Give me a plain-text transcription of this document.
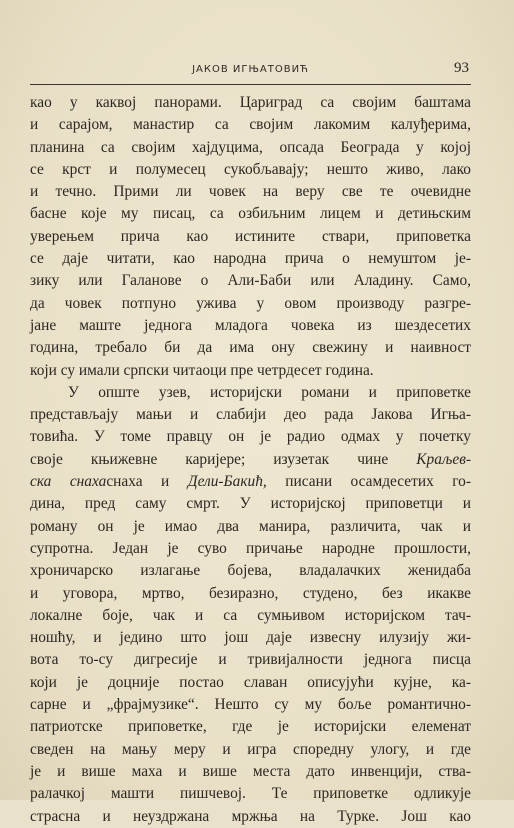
ЈАКОВ ИГЊАТОВИЋ	93
као у каквој панорами. Цариград са својим баштама
и сарајом, манастир са својим лакомим калуђерима,
планина са својим хајдуцима, опсада Београда у којој
се крст и полумесец сукобљавају; нешто живо, лако
и течно. Прими ли човек на веру све те очевидне
басне које му писац, са озбиљним лицем и детињским
уверењем прича као истините ствари, приповетка
се даје читати, као народна прича о немуштом је-
зику или Галанове о Али-Баби или Аладину. Само,
да човек потпуно ужива у овом производу разгре-
јане маште једнога младога човека из шездесетих
година, требало би да има ону свежину и наивност
који су имали српски читаоци пре четрдесет година.
У опште узев, историјски романи и приповетке
представљају мањи и слабији део рада Јакова Игња-
товића. У томе правцу он је радио одмах у почетку
своје књижевне каријере; изузетак чине Краљев-
ска снахаснаха и Дели-Бакић, писани осамдесетих го-
дина, пред саму смрт. У историјској приповетци и
роману он је имао два манира, различита, чак и
супротна. Један је суво причање народне прошлости,
хроничарско излагање бојева, владалачких женидаба
и уговора, мртво, безиразно, студено, без икакве
локалне боје, чак и са сумњивом историјском тач-
ношћу, и једино што још даје извесну илузију жи-
вота то-су дигресије и тривијалности једнога писца
који је доцније постао славан описујући кујне, ка-
сарне и „фрајмузике“. Нешто су му боље романтично-
патриотске приповетке, где је историјски елеменат
сведен на мању меру и игра споредну улогу, и где
је и више маха и више места дато инвенцији, ства-
ралачкој машти пишчевој. Те приповетке одликује
страсна и неуздржана мржња на Турке. Још као
